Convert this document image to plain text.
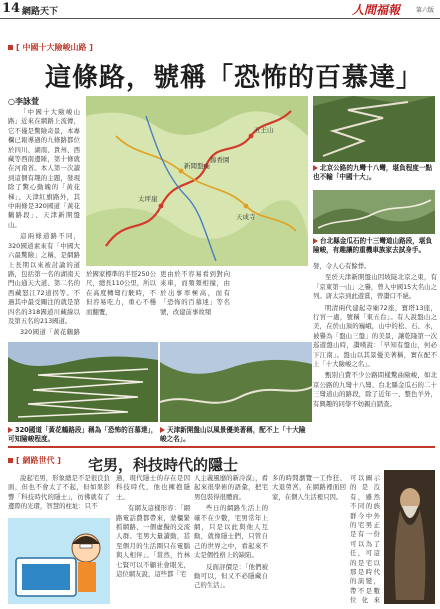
14 網路天下	人間福報	第六版
[ 中國十大險峻山路 ]
這條路，號稱「恐怖的百慕達」
○李詠萱

「中國十大險峻山路」近來在網路上流傳，它不僅是驚險奇景，本專欄已報導過的九條路都位於四川、湖南、貴州、西藏等西南邊陲，第十條就在河南省。本人第一次讀到這個有趣的主題，發現除了驚心動魄的「黃花梯」、天津紅旗路外，其中兩條是320國道「黃花鶴路段」、天津新開盤山。

這兩條道路不同，320國道素來有「中國大六最驚險」之稱，是網路上長期以來被討論的道路，包括第一名的湖南天門山通天大道、第二名的西藏怒江72道拐等。不過其中最受關注的就是第四名的318國道川藏線以及第五名的213國道。

320國道「黃花鶴路

太坪崖
錦香園
五王山
新聞盤山
天成寺
北京公路的九彎十八彎，堪負程度一點也不輸「中國十大」。
台北縣金瓜石的十三彎道山路段，堪負險峻，有趣讓的重機車族家去試身手。

於國家標準的半徑250公尺，總長110公里，所以在高度轉彎行駛時，不但容易吃力，重心不穩而翻覆，

更由於不容易看到對向來車，而頻頻相撞，由於出事率極高，而有「恐怖的百慕達」等名號，改建前事故頻

發，令人心有餘悸。

至於天津新開盤山因坡陡北京之東，有「京東第一山」之譽，曾入中國15大名山之列。唐太宗到此遊賞，曾讚口不絕。

明清兩代建起寺廟72座，寶塔13座，行宮一處，號稱「東五台」。有人說盤山之美，在於山頂的巍峨，山中的松、石、水，被譽為「盤山三盤」的美景，讓乾隆第一次巡遊盤山時，讚嘆說：「早知有盤山，何必下江南」。盤山以其景優美著稱，實在配不上「十大險峻之名」。

甄別自費不少公路問樣驚曲險峻，如北京公路的九彎十八彎、台北縣金瓜石的二十三彎道山的路段，除了近年一、整色羊外，有興趣的同學不妨親自踏查。

320國道「黃花鶴路段」稱為「恐怖的百慕達」，可知險峻程度。
天津新開盤山以風景優美著稱，配不上「十大險峻之名」。
[ 網路世代 ] 宅男，科技時代的隱士

說起宅男，形象總是不是很良負面，但也不會太了不起，但如果影響「科技時代的隱士」，彷彿就有了邊際的光環，智慧的柱址：只不

過，現代隱士的存在是因科技時代，他也擁抱隱士。

有網友這樣形容：「網路電話費都帶來，蒙櫃緊抓網路、一個虛擬的交流人群。宅男大量讀動，甚至個月的生活圈只在電腦與人相伴」。「當然，竹林七賢可以不顧社會眼光，這位網友說，這些都「宅

人主義風靡的新冷漠」，看起來很學術的語彙，把宅男包裝得很體面。

些日的網路生活上的確不在少數，宅男常年上網，只是以此與他人互動，就像隱士們，只管自己的世界之中，看起來不太是個性格上的缺陷。

反面評價是：「他們被動可以，但又不必隱藏自己的生活」。

多的時間瀏覽一工作狂、大退勞宮，在網路裡面回家，在個人生活裡只因。

可以圖示的是沒有，雖然不同的族群今中外的宅男正是有一份可以為了任，可這的是宅以那是時代的演變，帶不是數位化來
